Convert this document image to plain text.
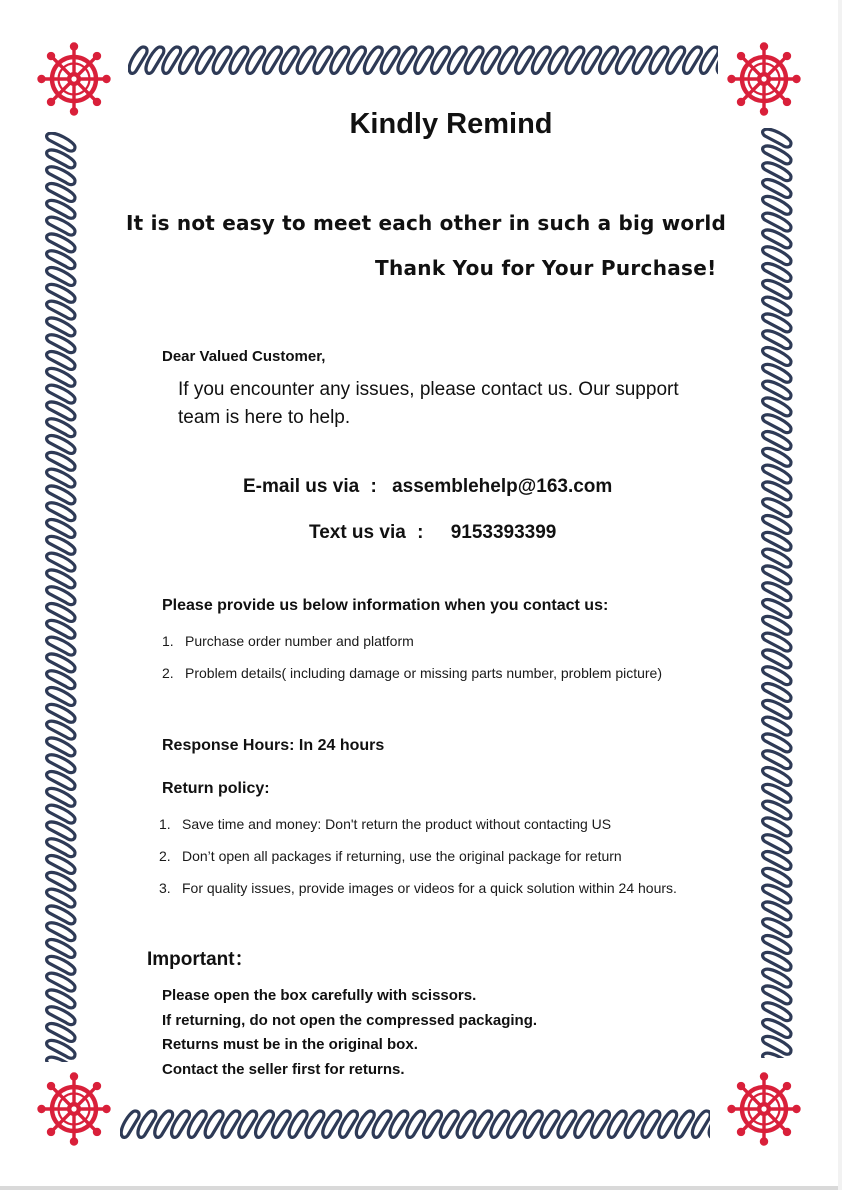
Kindly Remind
It is not easy to meet each other in such a big world
Thank You for Your Purchase!
Dear Valued Customer,
If you encounter any issues, please contact us. Our support team is here to help.
E-mail us via : assemblehelp@163.com
Text us via : 9153393399
Please provide us below information when you contact us:
1. Purchase order number and platform
2. Problem details( including damage or missing parts number, problem picture)
Response Hours: In 24 hours
Return policy:
1. Save time and money: Don't return the product without contacting US
2. Don’t open all packages if returning, use the original package for return
3. For quality issues, provide images or videos for a quick solution within 24 hours.
Important：
Please open the box carefully with scissors.
If returning, do not open the compressed packaging.
Returns must be in the original box.
Contact the seller first for returns.
